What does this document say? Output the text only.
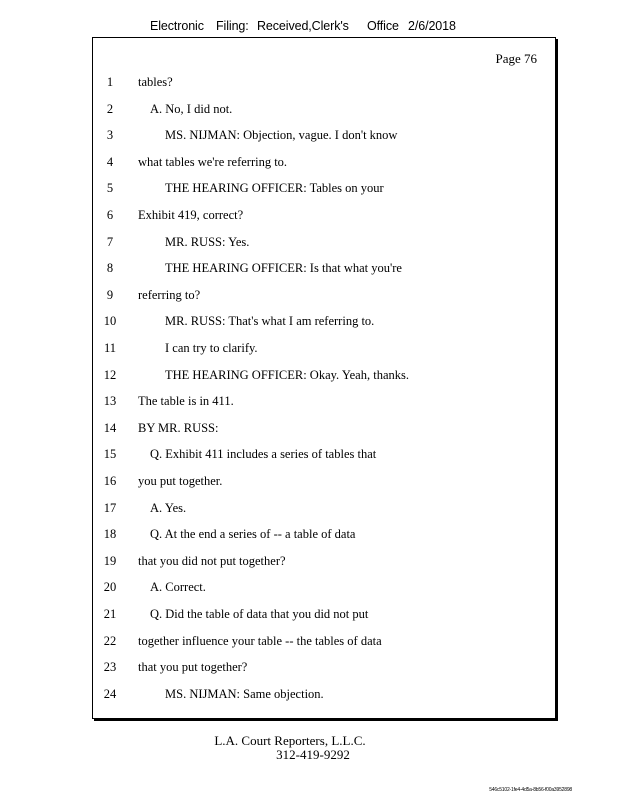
Electronic Filing: Received,Clerk's Office 2/6/2018
Page 76
1	tables?
2	A. No, I did not.
3	MS. NIJMAN: Objection, vague. I don't know
4	what tables we're referring to.
5	THE HEARING OFFICER: Tables on your
6	Exhibit 419, correct?
7	MR. RUSS: Yes.
8	THE HEARING OFFICER: Is that what you're
9	referring to?
10	MR. RUSS: That's what I am referring to.
11	I can try to clarify.
12	THE HEARING OFFICER: Okay. Yeah, thanks.
13	The table is in 411.
14	BY MR. RUSS:
15	Q. Exhibit 411 includes a series of tables that
16	you put together.
17	A. Yes.
18	Q. At the end a series of -- a table of data
19	that you did not put together?
20	A. Correct.
21	Q. Did the table of data that you did not put
22	together influence your table -- the tables of data
23	that you put together?
24	MS. NIJMAN: Same objection.
L.A. Court Reporters, L.L.C.
312-419-9292
546c5102-1fe4-4d5a-8b56-f00a3952898
